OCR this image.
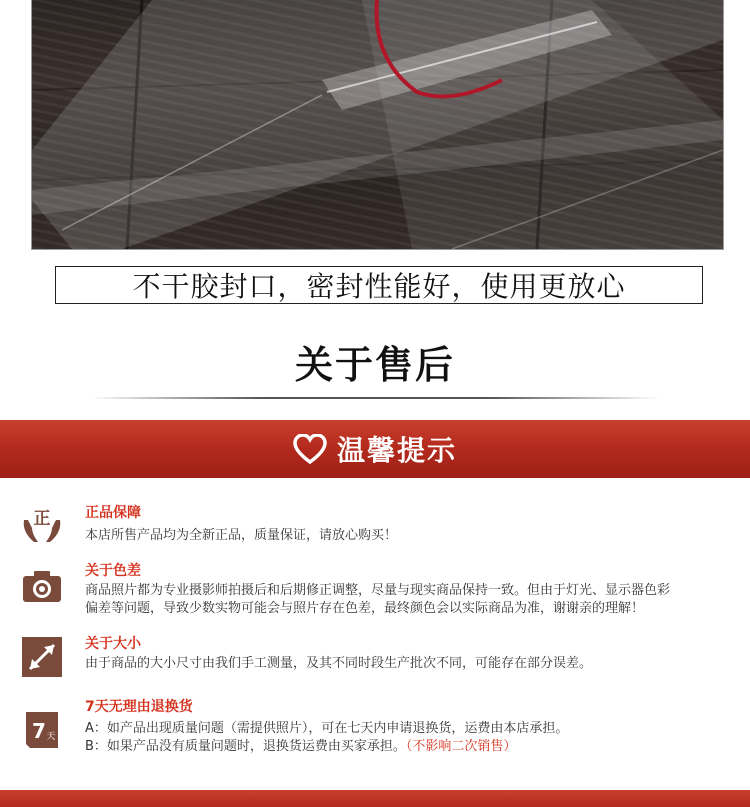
不干胶封口，密封性能好，使用更放心
关于售后
温馨提示
正 正品保障
本店所售产品均为全新正品，质量保证，请放心购买！
关于色差
商品照片都为专业摄影师拍摄后和后期修正调整，尽量与现实商品保持一致。但由于灯光、显示器色彩
偏差等问题，导致少数实物可能会与照片存在色差，最终颜色会以实际商品为准，谢谢亲的理解！
关于大小
由于商品的大小尺寸由我们手工测量，及其不同时段生产批次不同，可能存在部分误差。
7 天
7天无理由退换货
A：如产品出现质量问题（需提供照片），可在七天内申请退换货，运费由本店承担。
B：如果产品没有质量问题时，退换货运费由买家承担。（不影响二次销售）
